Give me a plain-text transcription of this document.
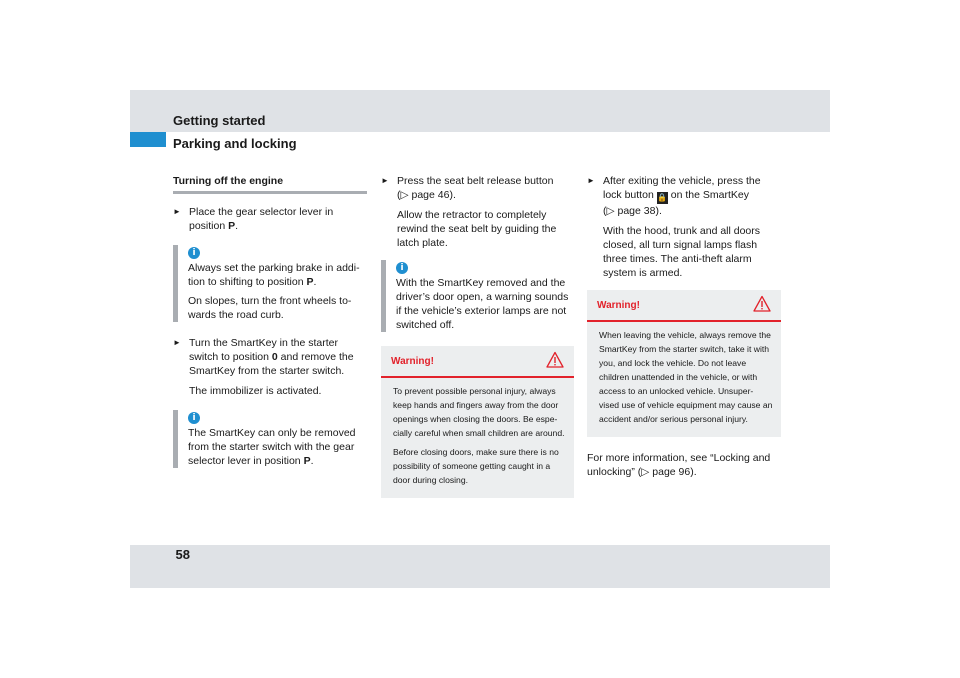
Getting started
Parking and locking
Turning off the engine

► Place the gear selector lever in position P.

i

Always set the parking brake in addi- tion to shifting to position P.

On slopes, turn the front wheels to- wards the road curb.

► Turn the SmartKey in the starter switch to position 0 and remove the SmartKey from the starter switch.

The immobilizer is activated.

i

The SmartKey can only be removed from the starter switch with the gear selector lever in position P.

► Press the seat belt release button (▷ page 46).

Allow the retractor to completely rewind the seat belt by guiding the latch plate.

i

With the SmartKey removed and the driver’s door open, a warning sounds if the vehicle’s exterior lamps are not switched off.

Warning!

To prevent possible personal injury, always keep hands and fingers away from the door openings when closing the doors. Be espe- cially careful when small children are around.

Before closing doors, make sure there is no possibility of someone getting caught in a door during closing.

► After exiting the vehicle, press the lock button 🔒 on the SmartKey
(▷ page 38).

With the hood, trunk and all doors closed, all turn signal lamps flash three times. The anti-theft alarm system is armed.

Warning!

When leaving the vehicle, always remove the SmartKey from the starter switch, take it with you, and lock the vehicle. Do not leave children unattended in the vehicle, or with access to an unlocked vehicle. Unsuper- vised use of vehicle equipment may cause an accident and/or serious personal injury.

For more information, see “Locking and unlocking” (▷ page 96).

58
